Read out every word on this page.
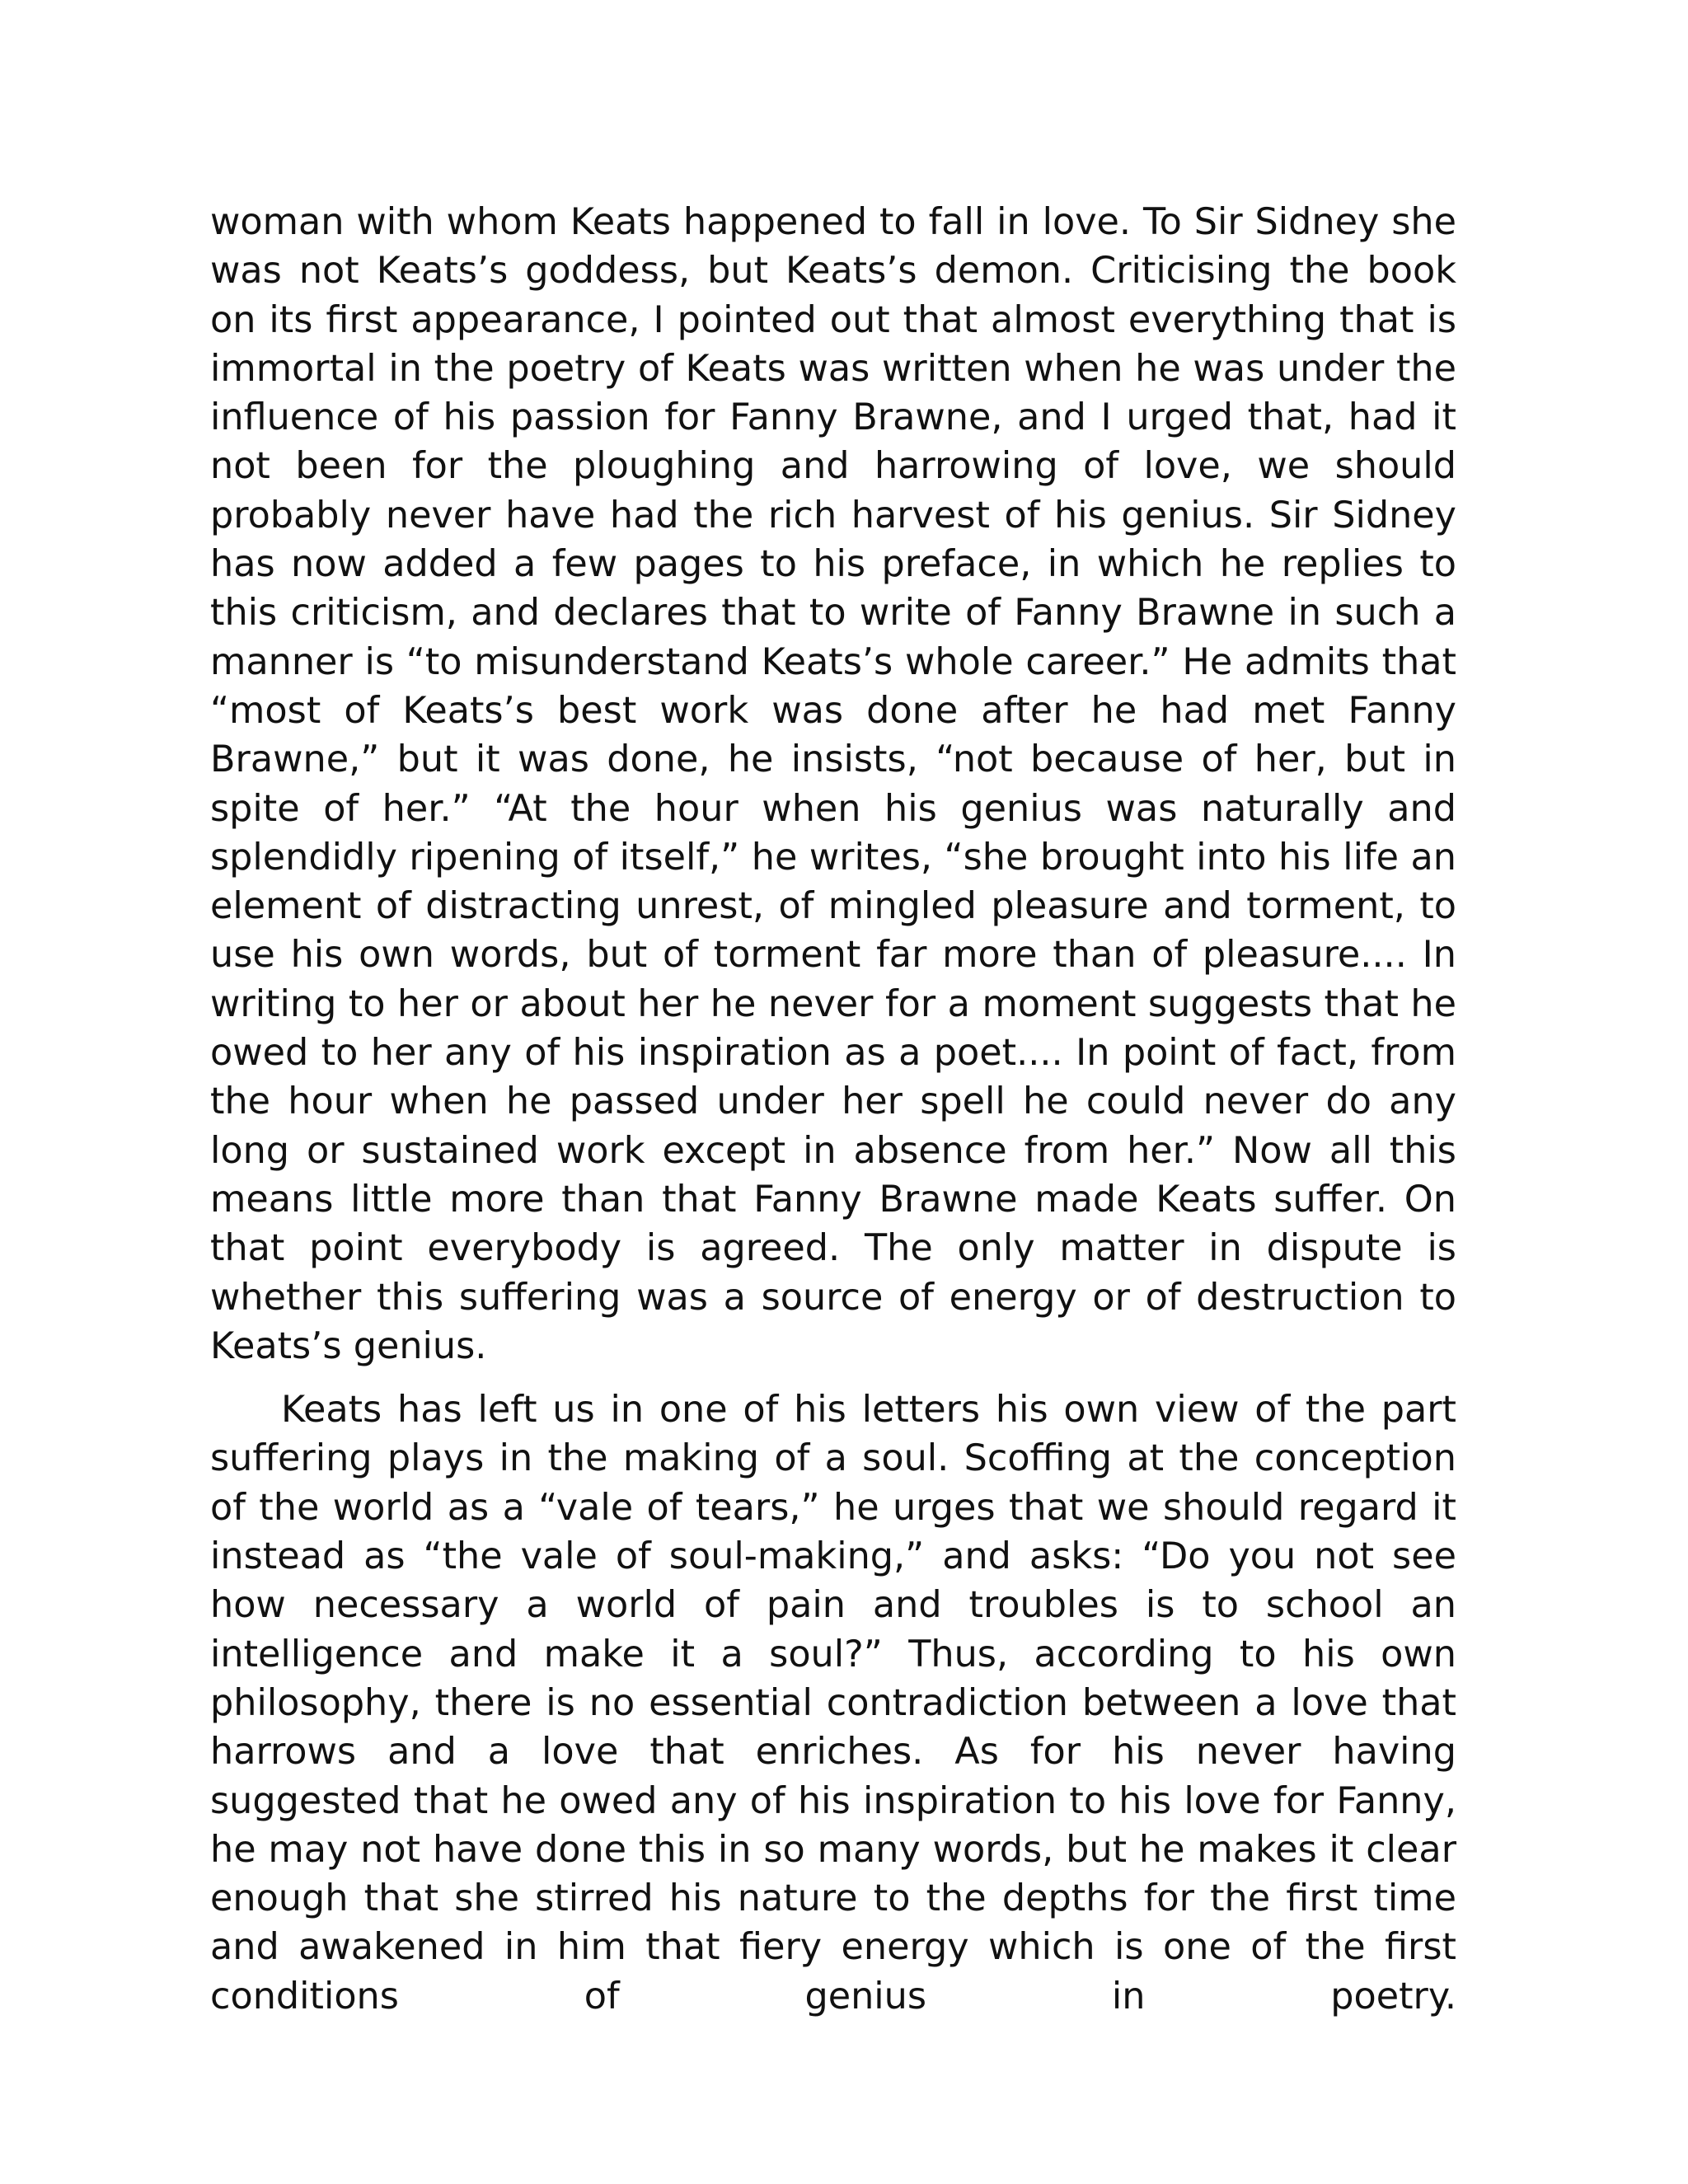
woman with whom Keats happened to fall in love. To Sir Sidney she was not Keats’s goddess, but Keats’s demon. Criticising the book on its first appearance, I pointed out that almost everything that is immortal in the poetry of Keats was written when he was under the influence of his passion for Fanny Brawne, and I urged that, had it not been for the ploughing and harrowing of love, we should probably never have had the rich harvest of his genius. Sir Sidney has now added a few pages to his preface, in which he replies to this criticism, and declares that to write of Fanny Brawne in such a manner is “to misunderstand Keats’s whole career.” He admits that “most of Keats’s best work was done after he had met Fanny Brawne,” but it was done, he insists, “not because of her, but in spite of her.” “At the hour when his genius was naturally and splendidly ripening of itself,” he writes, “she brought into his life an element of distracting unrest, of mingled pleasure and torment, to use his own words, but of torment far more than of pleasure.... In writing to her or about her he never for a moment suggests that he owed to her any of his inspiration as a poet.... In point of fact, from the hour when he passed under her spell he could never do any long or sustained work except in absence from her.” Now all this means little more than that Fanny Brawne made Keats suffer. On that point everybody is agreed. The only matter in dispute is whether this suffering was a source of energy or of destruction to Keats’s genius.

Keats has left us in one of his letters his own view of the part suffering plays in the making of a soul. Scoffing at the conception of the world as a “vale of tears,” he urges that we should regard it instead as “the vale of soul-making,” and asks: “Do you not see how necessary a world of pain and troubles is to school an intelligence and make it a soul?” Thus, according to his own philosophy, there is no essential contradiction between a love that harrows and a love that enriches. As for his never having suggested that he owed any of his inspiration to his love for Fanny, he may not have done this in so many words, but he makes it clear enough that she stirred his nature to the depths for the first time and awakened in him that fiery energy which is one of the first conditions of genius in poetry.
